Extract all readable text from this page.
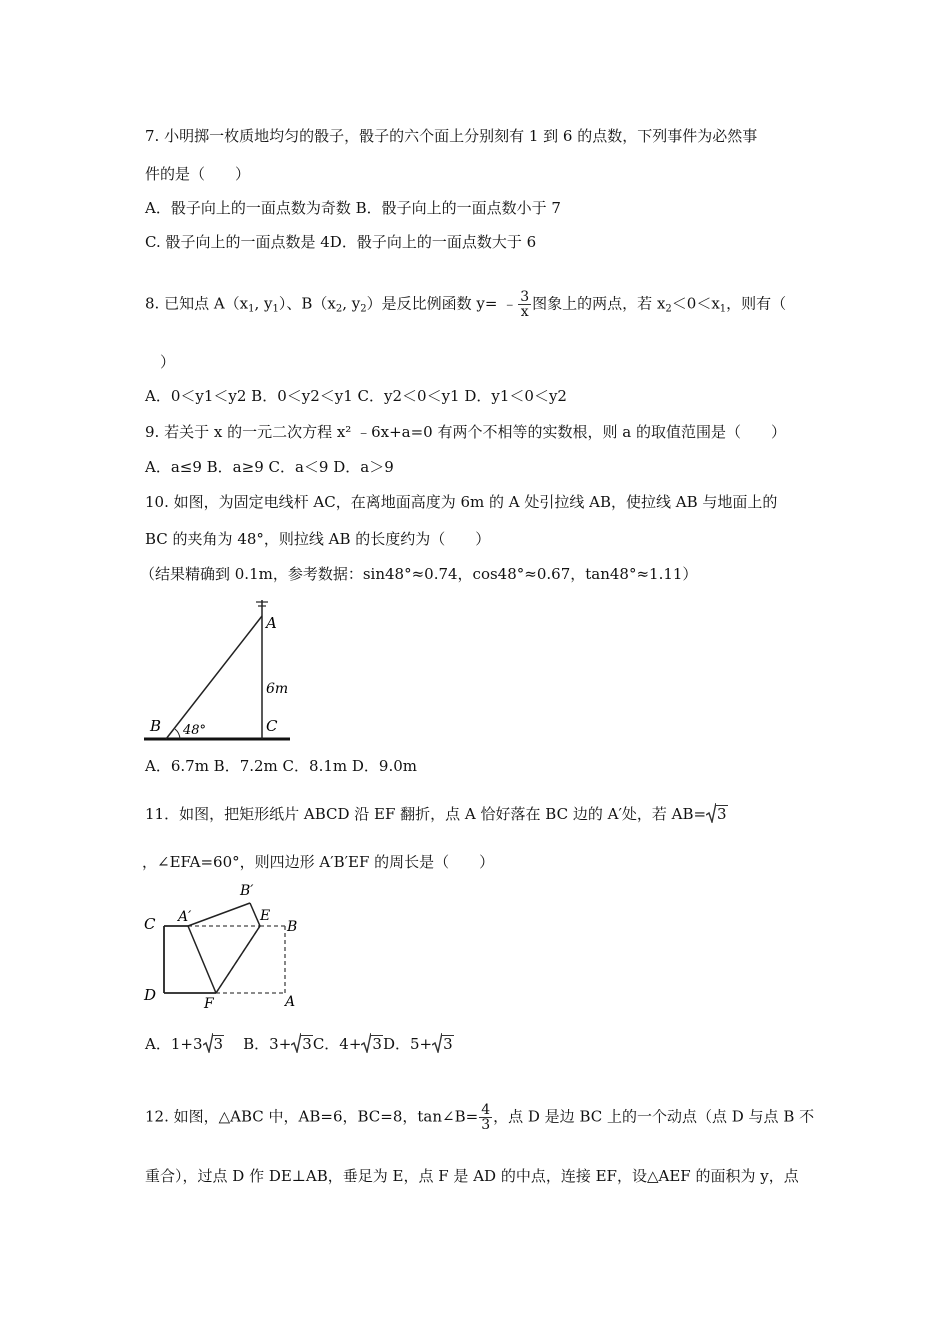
7. 小明掷一枚质地均匀的骰子，骰子的六个面上分别刻有 1 到 6 的点数，下列事件为必然事
件的是（　　）
A．骰子向上的一面点数为奇数 B．骰子向上的一面点数小于 7
C. 骰子向上的一面点数是 4D．骰子向上的一面点数大于 6
8. 已知点 $A(x_1$, $y_1$）、$B(x_2$, $y_2$）是反比例函数 y= ﹣ $\frac{3}{x}$ 图象上的两点，若 $x_2<0<x_1$，则有（
）
A．0＜y1＜y2 B．0＜y2＜y1 C．y2＜0＜y1 D．y1＜0＜y2
9. 若关于 x 的一元二次方程 x² ﹣6x+a=0 有两个不相等的实数根，则 a 的取值范围是（　　）
A．a≤9 B．a≥9 C．a＜9 D．a＞9
10. 如图，为固定电线杆 AC，在离地面高度为 6m 的 A 处引拉线 AB，使拉线 AB 与地面上的
BC 的夹角为 48°，则拉线 AB 的长度约为（　　）
（结果精确到 0.1m，参考数据：sin48°≈0.74，cos48°≈0.67，tan48°≈1.11）
A
6m
B	C
48°
A．6.7m B．7.2m C．8.1m D．9.0m
11．如图，把矩形纸片 ABCD 沿 EF 翻折，点 A 恰好落在 BC 边的 A′处，若 AB= 3
，∠EFA=60°，则四边形 A′B′EF 的周长是（　　）
C A′
B′
E
B
D	F	A
A．1+3 3 B．3+ 3 C．4+ 3 D．5+ 3
12. 如图，△ABC 中，AB=6，BC=8，tan∠B= $\frac{4}{3}$ ，点 D 是边 BC 上的一个动点（点 D 与点 B 不
重合），过点 D 作 DE⊥AB，垂足为 E，点 F 是 AD 的中点，连接 EF，设△AEF 的面积为 y，点
